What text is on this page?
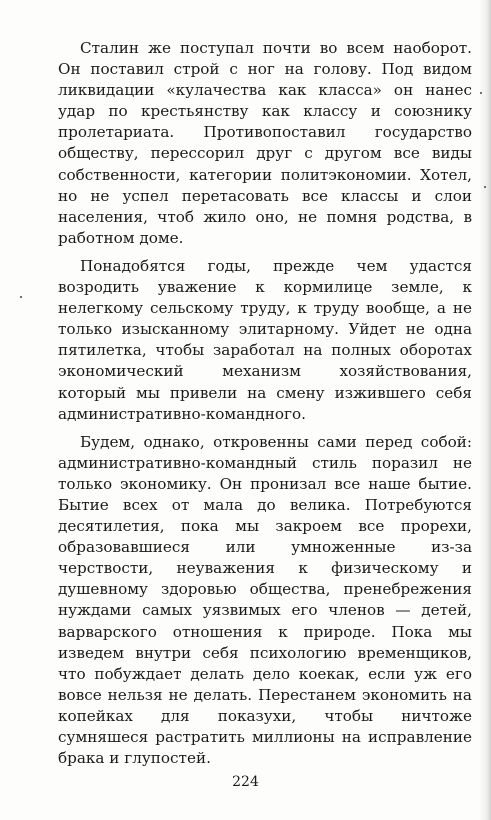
Сталин же поступал почти во всем наоборот. Он поставил строй с ног на голову. Под видом ликвидации «кулачества как класса» он нанес удар по крестьянству как классу и союзнику пролетариата. Противопоставил государство обществу, перессорил друг с другом все виды собственности, категории политэкономии. Хотел, но не успел перетасовать все классы и слои населения, чтоб жило оно, не помня родства, в работном доме.

Понадобятся годы, прежде чем удастся возродить уважение к кормилице земле, к нелегкому сельскому труду, к труду вообще, а не только изысканному элитарному. Уйдет не одна пятилетка, чтобы заработал на полных оборотах экономический механизм хозяйствования, который мы привели на смену изжившего себя административно-командного.

Будем, однако, откровенны сами перед собой: административно-командный стиль поразил не только экономику. Он пронизал все наше бытие. Бытие всех от мала до велика. Потребуются десятилетия, пока мы закроем все прорехи, образовавшиеся или умноженные из-за черствости, неуважения к физическому и душевному здоровью общества, пренебрежения нуждами самых уязвимых его членов — детей, варварского отношения к природе. Пока мы изведем внутри себя психологию временщиков, что побуждает делать дело коекак, если уж его вовсе нельзя не делать. Перестанем экономить на копейках для показухи, чтобы ничтоже сумняшеся растратить миллионы на исправление брака и глупостей.

224
